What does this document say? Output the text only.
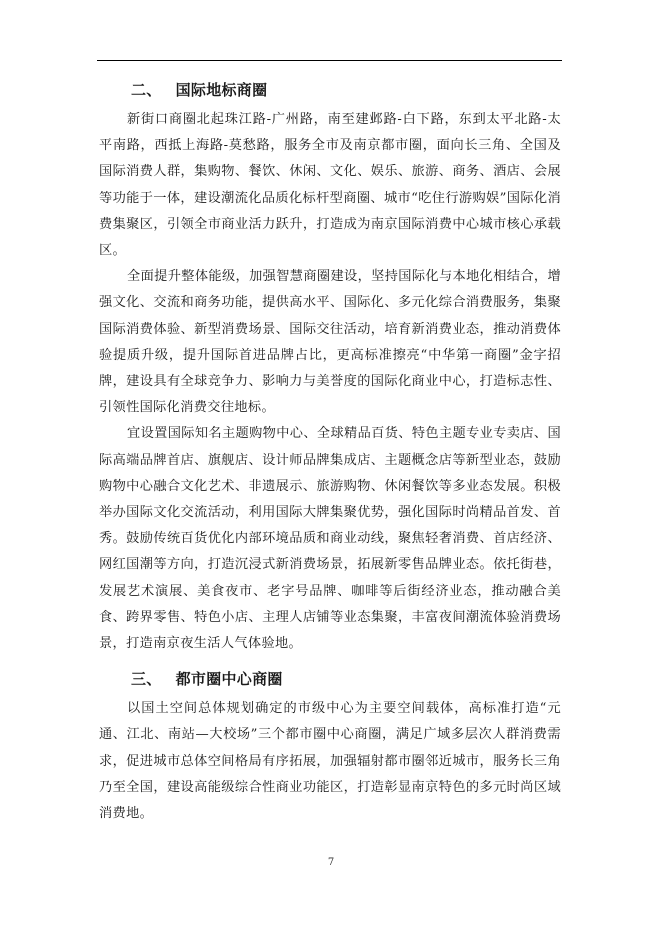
二、 国际地标商圈

新街口商圈北起珠江路-广州路，南至建邺路-白下路，东到太平北路-太平南路，西抵上海路-莫愁路，服务全市及南京都市圈，面向长三角、全国及国际消费人群，集购物、餐饮、休闲、文化、娱乐、旅游、商务、酒店、会展等功能于一体，建设潮流化品质化标杆型商圈、城市“吃住行游购娱”国际化消费集聚区，引领全市商业活力跃升，打造成为南京国际消费中心城市核心承载区。

全面提升整体能级，加强智慧商圈建设，坚持国际化与本地化相结合，增强文化、交流和商务功能，提供高水平、国际化、多元化综合消费服务，集聚国际消费体验、新型消费场景、国际交往活动，培育新消费业态，推动消费体验提质升级，提升国际首进品牌占比，更高标准擦亮“中华第一商圈”金字招牌，建设具有全球竞争力、影响力与美誉度的国际化商业中心，打造标志性、引领性国际化消费交往地标。

宜设置国际知名主题购物中心、全球精品百货、特色主题专业专卖店、国际高端品牌首店、旗舰店、设计师品牌集成店、主题概念店等新型业态，鼓励购物中心融合文化艺术、非遗展示、旅游购物、休闲餐饮等多业态发展。积极举办国际文化交流活动，利用国际大牌集聚优势，强化国际时尚精品首发、首秀。鼓励传统百货优化内部环境品质和商业动线，聚焦轻奢消费、首店经济、网红国潮等方向，打造沉浸式新消费场景，拓展新零售品牌业态。依托街巷，发展艺术演展、美食夜市、老字号品牌、咖啡等后街经济业态，推动融合美食、跨界零售、特色小店、主理人店铺等业态集聚，丰富夜间潮流体验消费场景，打造南京夜生活人气体验地。

三、 都市圈中心商圈

以国土空间总体规划确定的市级中心为主要空间载体，高标准打造“元通、江北、南站—大校场”三个都市圈中心商圈，满足广域多层次人群消费需求，促进城市总体空间格局有序拓展，加强辐射都市圈邻近城市，服务长三角乃至全国，建设高能级综合性商业功能区，打造彰显南京特色的多元时尚区域消费地。

7
